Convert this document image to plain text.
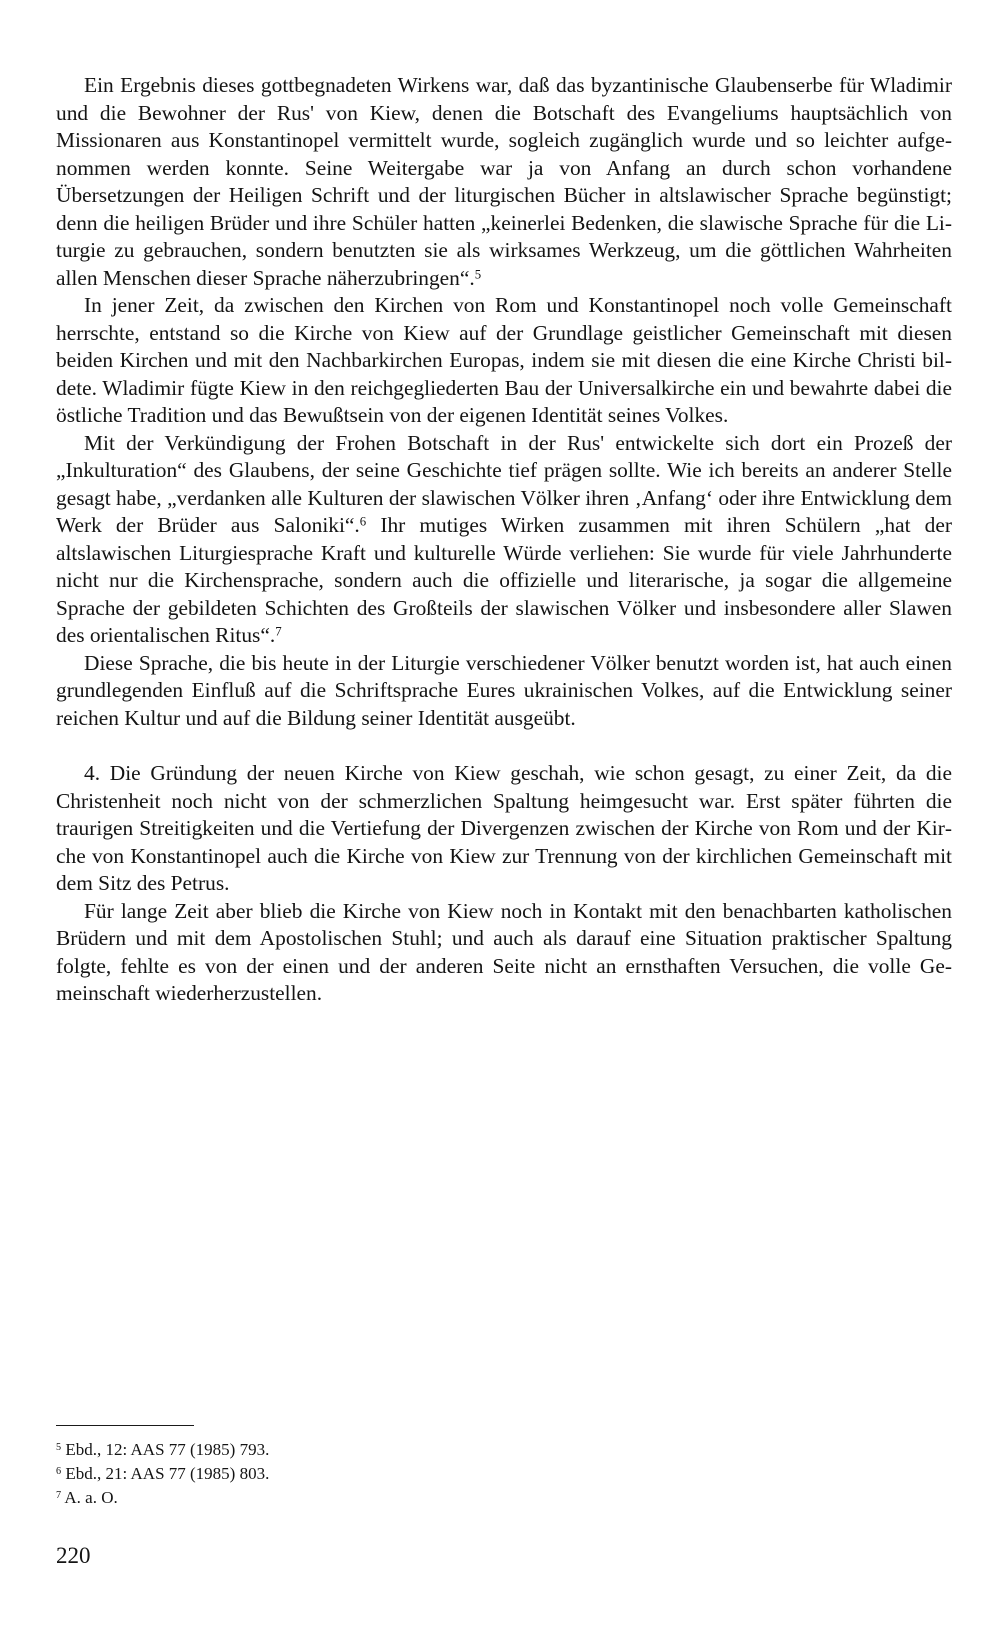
Ein Ergebnis dieses gottbegnadeten Wirkens war, daß das byzantinische Glaubenserbe für Wladimir und die Bewohner der Rus' von Kiew, denen die Botschaft des Evangeliums hauptsächlich von Missionaren aus Konstantinopel vermittelt wurde, sogleich zugänglich wurde und so leichter aufgenommen werden konnte. Seine Weitergabe war ja von Anfang an durch schon vorhandene Übersetzungen der Heiligen Schrift und der liturgischen Bücher in altslawischer Sprache begünstigt; denn die heiligen Brüder und ihre Schüler hatten „keinerlei Bedenken, die slawische Sprache für die Liturgie zu gebrauchen, sondern benutzten sie als wirksames Werkzeug, um die göttlichen Wahrheiten allen Menschen dieser Sprache näherzubringen“.$^5$

In jener Zeit, da zwischen den Kirchen von Rom und Konstantinopel noch volle Gemeinschaft herrschte, entstand so die Kirche von Kiew auf der Grundlage geistlicher Gemeinschaft mit diesen beiden Kirchen und mit den Nachbarkirchen Europas, indem sie mit diesen die eine Kirche Christi bildete. Wladimir fügte Kiew in den reichgegliederten Bau der Universalkirche ein und bewahrte dabei die östliche Tradition und das Bewußtsein von der eigenen Identität seines Volkes.

Mit der Verkündigung der Frohen Botschaft in der Rus' entwickelte sich dort ein Prozeß der „Inkulturation“ des Glaubens, der seine Geschichte tief prägen sollte. Wie ich bereits an anderer Stelle gesagt habe, „verdanken alle Kulturen der slawischen Völker ihren ‚Anfang‘ oder ihre Entwicklung dem Werk der Brüder aus Saloniki“.$^6$ Ihr mutiges Wirken zusammen mit ihren Schülern „hat der altslawischen Liturgiesprache Kraft und kulturelle Würde verliehen: Sie wurde für viele Jahrhunderte nicht nur die Kirchensprache, sondern auch die offizielle und literarische, ja sogar die allgemeine Sprache der gebildeten Schichten des Großteils der slawischen Völker und insbesondere aller Slawen des orientalischen Ritus“.$^7$

Diese Sprache, die bis heute in der Liturgie verschiedener Völker benutzt worden ist, hat auch einen grundlegenden Einfluß auf die Schriftsprache Eures ukrainischen Volkes, auf die Entwicklung seiner reichen Kultur und auf die Bildung seiner Identität ausgeübt.

4. Die Gründung der neuen Kirche von Kiew geschah, wie schon gesagt, zu einer Zeit, da die Christenheit noch nicht von der schmerzlichen Spaltung heimgesucht war. Erst später führten die traurigen Streitigkeiten und die Vertiefung der Divergenzen zwischen der Kirche von Rom und der Kirche von Konstantinopel auch die Kirche von Kiew zur Trennung von der kirchlichen Gemeinschaft mit dem Sitz des Petrus.

Für lange Zeit aber blieb die Kirche von Kiew noch in Kontakt mit den benachbarten katholischen Brüdern und mit dem Apostolischen Stuhl; und auch als darauf eine Situation praktischer Spaltung folgte, fehlte es von der einen und der anderen Seite nicht an ernsthaften Versuchen, die volle Gemeinschaft wiederherzustellen.

$^5$ Ebd., 12: AAS 77 (1985) 793.

$^6$ Ebd., 21: AAS 77 (1985) 803.

$^7$ A. a. O.

220
